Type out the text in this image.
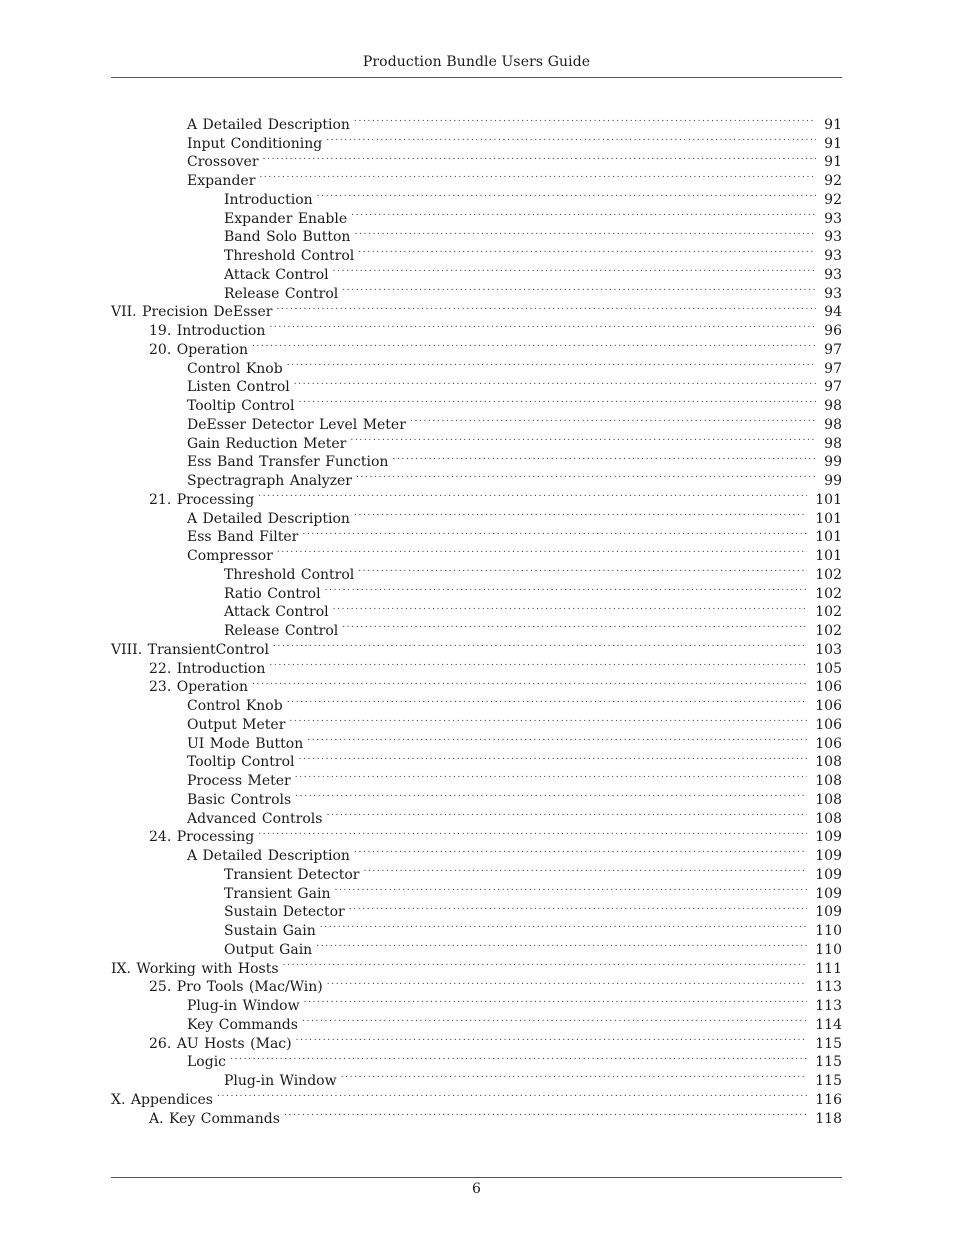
Production Bundle Users Guide
A Detailed Description . . .	91
Input Conditioning . . .	91
Crossover . . .	91
Expander . . .	92
Introduction . . .	92
Expander Enable . . .	93
Band Solo Button . . .	93
Threshold Control . . .	93
Attack Control . . .	93
Release Control . . .	93
VII. Precision DeEsser . . .	94
19. Introduction . . .	96
20. Operation . . .	97
Control Knob . . .	97
Listen Control . . .	97
Tooltip Control . . .	98
DeEsser Detector Level Meter . . .	98
Gain Reduction Meter . . .	98
Ess Band Transfer Function . . .	99
Spectragraph Analyzer . . .	99
21. Processing . . .	101
A Detailed Description . . .	101
Ess Band Filter . . .	101
Compressor . . .	101
Threshold Control . . .	102
Ratio Control . . .	102
Attack Control . . .	102
Release Control . . .	102
VIII. TransientControl . . .	103
22. Introduction . . .	105
23. Operation . . .	106
Control Knob . . .	106
Output Meter . . .	106
UI Mode Button . . .	106
Tooltip Control . . .	108
Process Meter . . .	108
Basic Controls . . .	108
Advanced Controls . . .	108
24. Processing . . .	109
A Detailed Description . . .	109
Transient Detector . . .	109
Transient Gain . . .	109
Sustain Detector . . .	109
Sustain Gain . . .	110
Output Gain . . .	110
IX. Working with Hosts . . .	111
25. Pro Tools (Mac/Win) . . .	113
Plug-in Window . . .	113
Key Commands . . .	114
26. AU Hosts (Mac) . . .	115
Logic . . .	115
Plug-in Window . . .	115
X. Appendices . . .	116
A. Key Commands . . .	118
6
